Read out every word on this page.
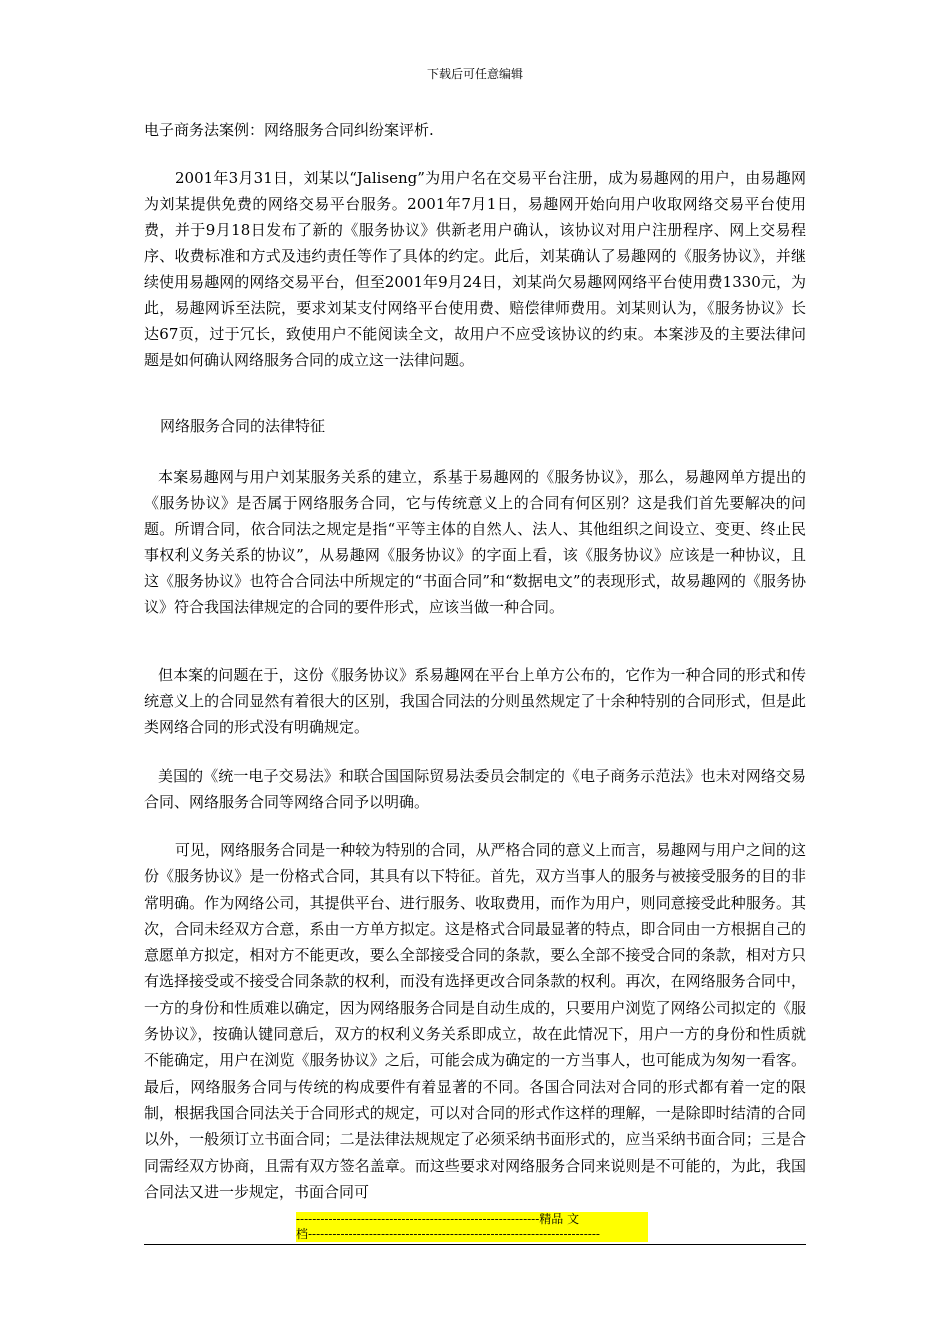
下载后可任意编辑
电子商务法案例：网络服务合同纠纷案评析.

2001年3月31日，刘某以“Jaliseng”为用户名在交易平台注册，成为易趣网的用户，由易趣网为刘某提供免费的网络交易平台服务。2001年7月1日，易趣网开始向用户收取网络交易平台使用费，并于9月18日发布了新的《服务协议》供新老用户确认，该协议对用户注册程序、网上交易程序、收费标准和方式及违约责任等作了具体的约定。此后，刘某确认了易趣网的《服务协议》，并继续使用易趣网的网络交易平台，但至2001年9月24日，刘某尚欠易趣网网络平台使用费1330元，为此，易趣网诉至法院，要求刘某支付网络平台使用费、赔偿律师费用。刘某则认为，《服务协议》长达67页，过于冗长，致使用户不能阅读全文，故用户不应受该协议的约束。本案涉及的主要法律问题是如何确认网络服务合同的成立这一法律问题。

网络服务合同的法律特征

本案易趣网与用户刘某服务关系的建立，系基于易趣网的《服务协议》，那么，易趣网单方提出的《服务协议》是否属于网络服务合同，它与传统意义上的合同有何区别？这是我们首先要解决的问题。所谓合同，依合同法之规定是指“平等主体的自然人、法人、其他组织之间设立、变更、终止民事权利义务关系的协议”，从易趣网《服务协议》的字面上看，该《服务协议》应该是一种协议，且这《服务协议》也符合合同法中所规定的“书面合同”和“数据电文”的表现形式，故易趣网的《服务协议》符合我国法律规定的合同的要件形式，应该当做一种合同。

但本案的问题在于，这份《服务协议》系易趣网在平台上单方公布的，它作为一种合同的形式和传统意义上的合同显然有着很大的区别，我国合同法的分则虽然规定了十余种特别的合同形式，但是此类网络合同的形式没有明确规定。

美国的《统一电子交易法》和联合国国际贸易法委员会制定的《电子商务示范法》也未对网络交易合同、网络服务合同等网络合同予以明确。

可见，网络服务合同是一种较为特别的合同，从严格合同的意义上而言，易趣网与用户之间的这份《服务协议》是一份格式合同，其具有以下特征。首先，双方当事人的服务与被接受服务的目的非常明确。作为网络公司，其提供平台、进行服务、收取费用，而作为用户，则同意接受此种服务。其次，合同未经双方合意，系由一方单方拟定。这是格式合同最显著的特点，即合同由一方根据自己的意愿单方拟定，相对方不能更改，要么全部接受合同的条款，要么全部不接受合同的条款，相对方只有选择接受或不接受合同条款的权利，而没有选择更改合同条款的权利。再次，在网络服务合同中，一方的身份和性质难以确定，因为网络服务合同是自动生成的，只要用户浏览了网络公司拟定的《服务协议》，按确认键同意后，双方的权利义务关系即成立，故在此情况下，用户一方的身份和性质就不能确定，用户在浏览《服务协议》之后，可能会成为确定的一方当事人，也可能成为匆匆一看客。最后，网络服务合同与传统的构成要件有着显著的不同。各国合同法对合同的形式都有着一定的限制，根据我国合同法关于合同形式的规定，可以对合同的形式作这样的理解，一是除即时结清的合同以外，一般须订立书面合同；二是法律法规规定了必须采纳书面形式的，应当采纳书面合同；三是合同需经双方协商，且需有双方签名盖章。而这些要求对网络服务合同来说则是不可能的，为此，我国合同法又进一步规定，书面合同可

------------------------------------------------------------精品 文
档------------------------------------------------------------------------
